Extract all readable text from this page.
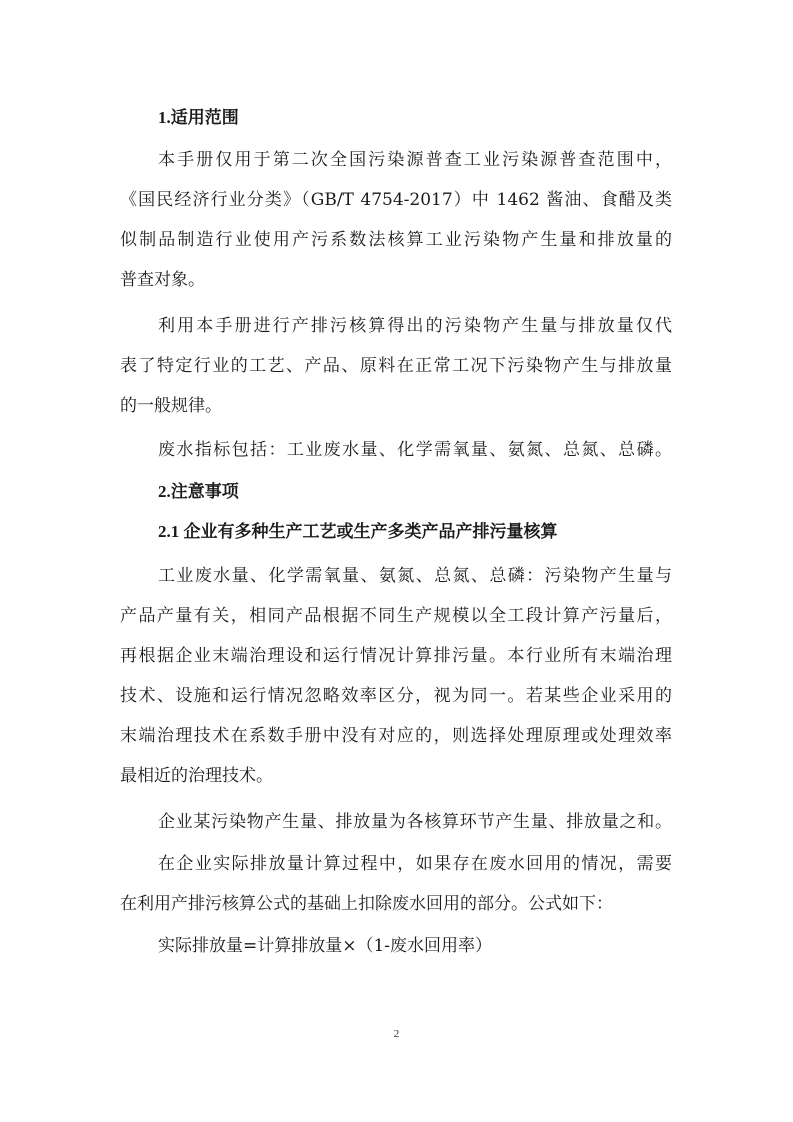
1.适用范围
本手册仅用于第二次全国污染源普查工业污染源普查范围中，
《国民经济行业分类》（GB/T 4754-2017）中 1462 酱油、食醋及类
似制品制造行业使用产污系数法核算工业污染物产生量和排放量的
普查对象。
利用本手册进行产排污核算得出的污染物产生量与排放量仅代
表了特定行业的工艺、产品、原料在正常工况下污染物产生与排放量
的一般规律。
废水指标包括：工业废水量、化学需氧量、氨氮、总氮、总磷。
2.注意事项
2.1 企业有多种生产工艺或生产多类产品产排污量核算
工业废水量、化学需氧量、氨氮、总氮、总磷：污染物产生量与
产品产量有关，相同产品根据不同生产规模以全工段计算产污量后，
再根据企业末端治理设和运行情况计算排污量。本行业所有末端治理
技术、设施和运行情况忽略效率区分，视为同一。若某些企业采用的
末端治理技术在系数手册中没有对应的，则选择处理原理或处理效率
最相近的治理技术。
企业某污染物产生量、排放量为各核算环节产生量、排放量之和。
在企业实际排放量计算过程中，如果存在废水回用的情况，需要
在利用产排污核算公式的基础上扣除废水回用的部分。公式如下：
实际排放量=计算排放量×（1-废水回用率）
2
